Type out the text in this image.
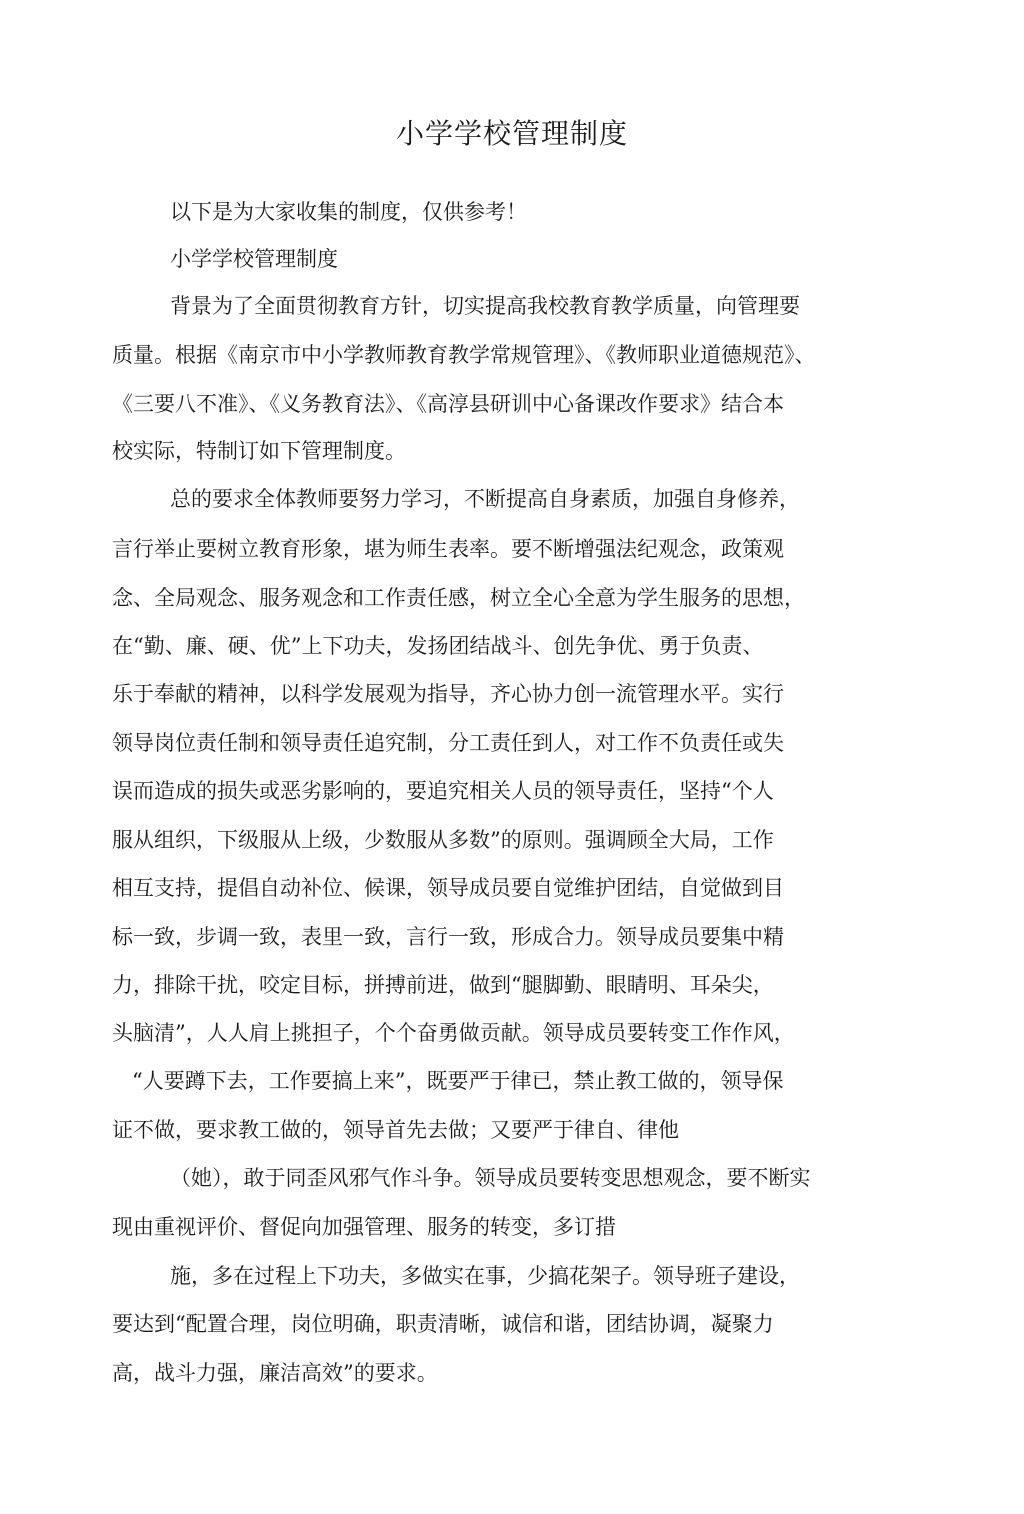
小学学校管理制度

以下是为大家收集的制度，仅供参考！

小学学校管理制度

背景为了全面贯彻教育方针，切实提高我校教育教学质量，向管理要

质量。根据《南京市中小学教师教育教学常规管理》、《教师职业道德规范》、

《三要八不准》、《义务教育法》、《高淳县研训中心备课改作要求》结合本

校实际，特制订如下管理制度。

总的要求全体教师要努力学习，不断提高自身素质，加强自身修养，

言行举止要树立教育形象，堪为师生表率。要不断增强法纪观念，政策观

念、全局观念、服务观念和工作责任感，树立全心全意为学生服务的思想，

在“勤、廉、硬、优”上下功夫，发扬团结战斗、创先争优、勇于负责、

乐于奉献的精神，以科学发展观为指导，齐心协力创一流管理水平。实行

领导岗位责任制和领导责任追究制，分工责任到人，对工作不负责任或失

误而造成的损失或恶劣影响的，要追究相关人员的领导责任，坚持“个人

服从组织，下级服从上级，少数服从多数”的原则。强调顾全大局，工作

相互支持，提倡自动补位、候课，领导成员要自觉维护团结，自觉做到目

标一致，步调一致，表里一致，言行一致，形成合力。领导成员要集中精

力，排除干扰，咬定目标，拼搏前进，做到“腿脚勤、眼睛明、耳朵尖，

头脑清”，人人肩上挑担子，个个奋勇做贡献。领导成员要转变工作作风，

“人要蹲下去，工作要搞上来”，既要严于律已，禁止教工做的，领导保

证不做，要求教工做的，领导首先去做；又要严于律自、律他

（她），敢于同歪风邪气作斗争。领导成员要转变思想观念，要不断实

现由重视评价、督促向加强管理、服务的转变，多订措

施，多在过程上下功夫，多做实在事，少搞花架子。领导班子建设，

要达到“配置合理，岗位明确，职责清晰，诚信和谐，团结协调，凝聚力

高，战斗力强，廉洁高效”的要求。
